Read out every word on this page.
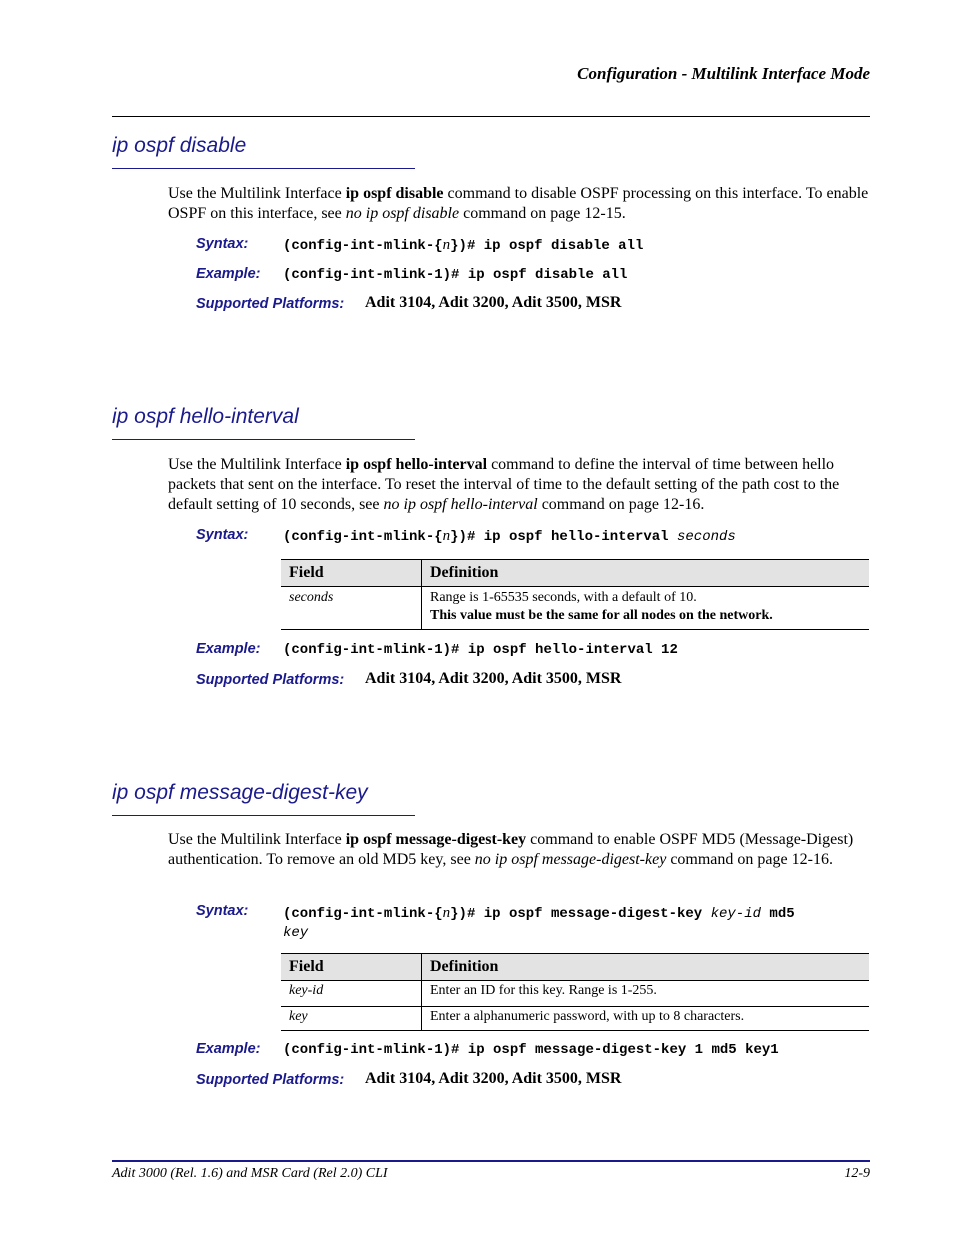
Configuration - Multilink Interface Mode
ip ospf disable
Use the Multilink Interface ip ospf disable command to disable OSPF processing on this interface. To enable OSPF on this interface, see no ip ospf disable command on page 12-15.
Syntax: (config-int-mlink-{n})# ip ospf disable all
Example: (config-int-mlink-1)# ip ospf disable all
Supported Platforms: Adit 3104, Adit 3200, Adit 3500, MSR
ip ospf hello-interval
Use the Multilink Interface ip ospf hello-interval command to define the interval of time between hello packets that sent on the interface. To reset the interval of time to the default setting of the path cost to the default setting of 10 seconds, see no ip ospf hello-interval command on page 12-16.
Syntax: (config-int-mlink-{n})# ip ospf hello-interval seconds
Field	Definition
seconds	Range is 1-65535 seconds, with a default of 10.
This value must be the same for all nodes on the network.
Example: (config-int-mlink-1)# ip ospf hello-interval 12
Supported Platforms: Adit 3104, Adit 3200, Adit 3500, MSR
ip ospf message-digest-key
Use the Multilink Interface ip ospf message-digest-key command to enable OSPF MD5 (Message-Digest) authentication. To remove an old MD5 key, see no ip ospf message-digest-key command on page 12-16.
Syntax: (config-int-mlink-{n})# ip ospf message-digest-key key-id md5
key
Field	Definition
key-id	Enter an ID for this key. Range is 1-255.
key	Enter a alphanumeric password, with up to 8 characters.
Example: (config-int-mlink-1)# ip ospf message-digest-key 1 md5 key1
Supported Platforms: Adit 3104, Adit 3200, Adit 3500, MSR
Adit 3000 (Rel. 1.6) and MSR Card (Rel 2.0) CLI	12-9
